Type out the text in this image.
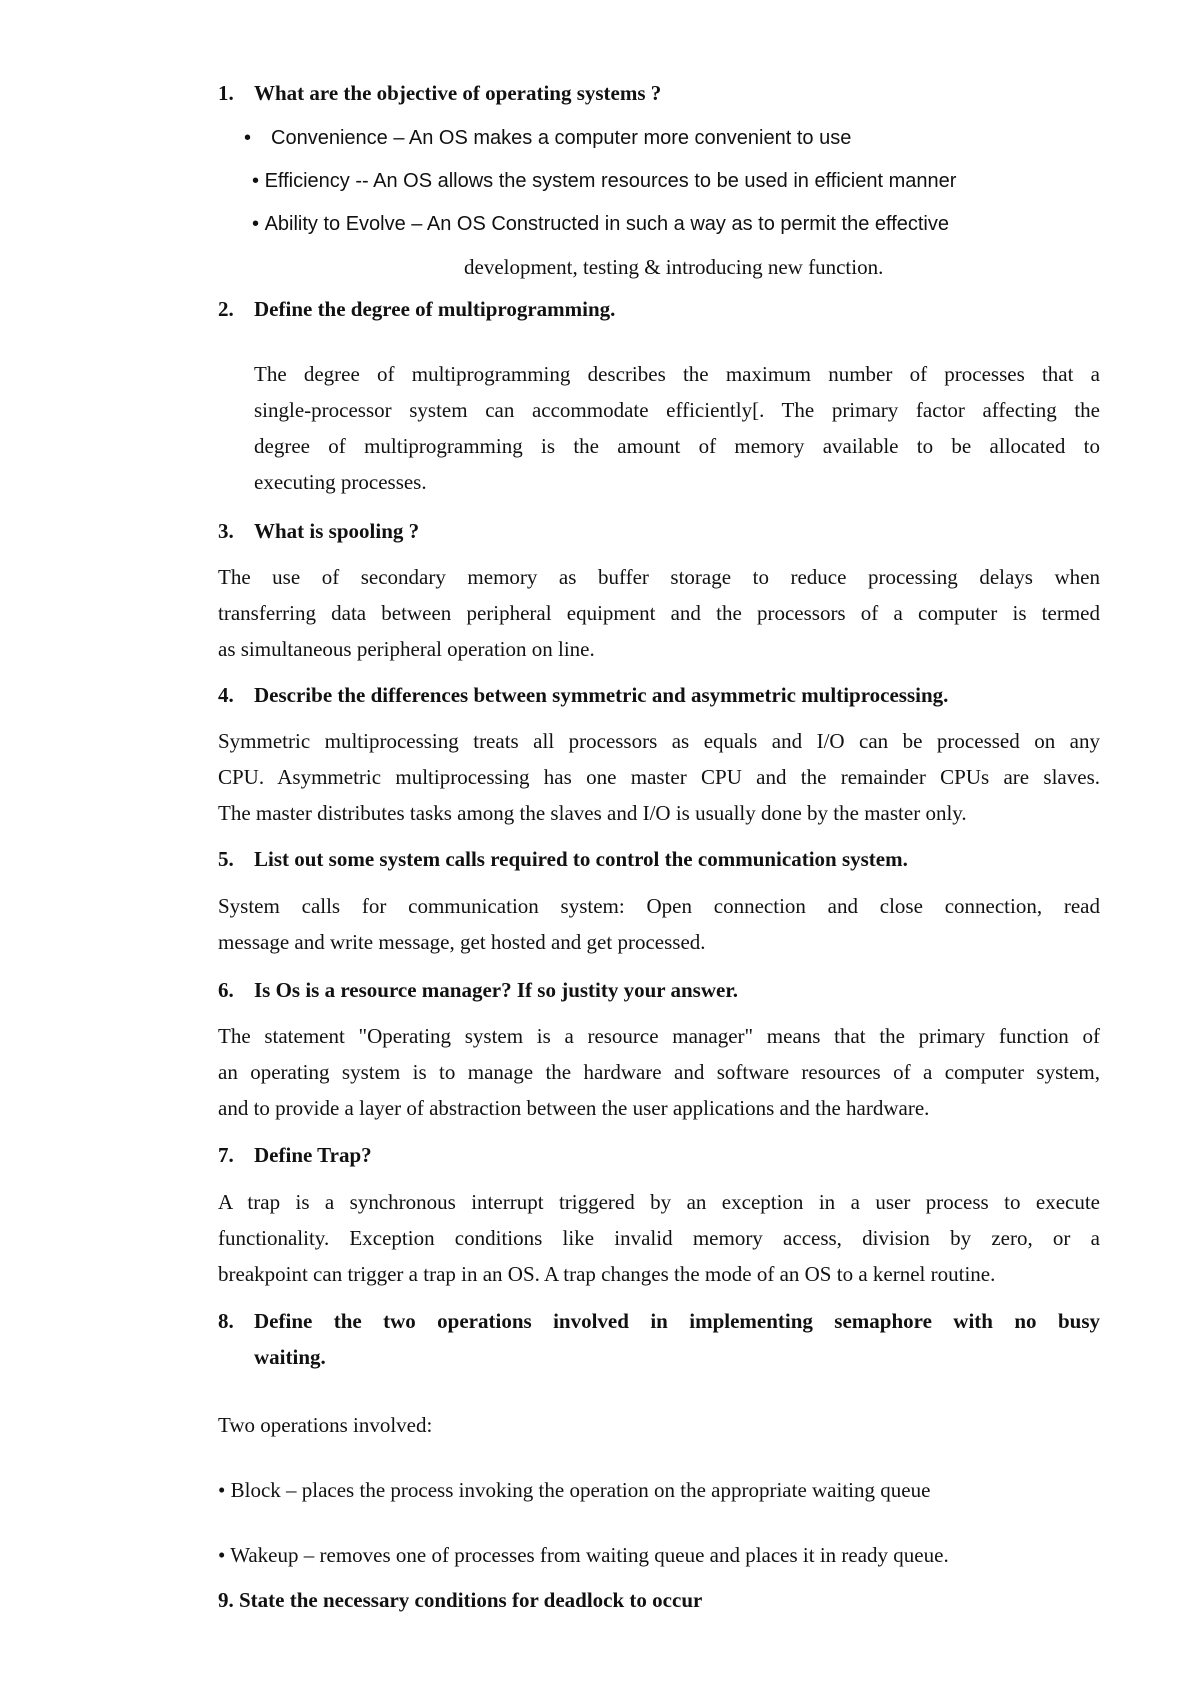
1. What are the objective of operating systems ?
• Convenience – An OS makes a computer more convenient to use
• Efficiency -- An OS allows the system resources to be used in efficient manner
• Ability to Evolve – An OS Constructed in such a way as to permit the effective
development, testing & introducing new function.
2. Define the degree of multiprogramming.
The degree of multiprogramming describes the maximum number of processes that a
single-processor system can accommodate efficiently[. The primary factor affecting the
degree of multiprogramming is the amount of memory available to be allocated to
executing processes.
3. What is spooling ?
The use of secondary memory as buffer storage to reduce processing delays when
transferring data between peripheral equipment and the processors of a computer is termed
as simultaneous peripheral operation on line.
4. Describe the differences between symmetric and asymmetric multiprocessing.
Symmetric multiprocessing treats all processors as equals and I/O can be processed on any
CPU. Asymmetric multiprocessing has one master CPU and the remainder CPUs are slaves.
The master distributes tasks among the slaves and I/O is usually done by the master only.
5. List out some system calls required to control the communication system.
System calls for communication system: Open connection and close connection, read
message and write message, get hosted and get processed.
6. Is Os is a resource manager? If so justity your answer.
The statement "Operating system is a resource manager" means that the primary function of
an operating system is to manage the hardware and software resources of a computer system,
and to provide a layer of abstraction between the user applications and the hardware.
7. Define Trap?
A trap is a synchronous interrupt triggered by an exception in a user process to execute
functionality. Exception conditions like invalid memory access, division by zero, or a
breakpoint can trigger a trap in an OS. A trap changes the mode of an OS to a kernel routine.
8. Define the two operations involved in implementing semaphore with no busy
waiting.
Two operations involved:
• Block – places the process invoking the operation on the appropriate waiting queue
• Wakeup – removes one of processes from waiting queue and places it in ready queue.
9. State the necessary conditions for deadlock to occur
